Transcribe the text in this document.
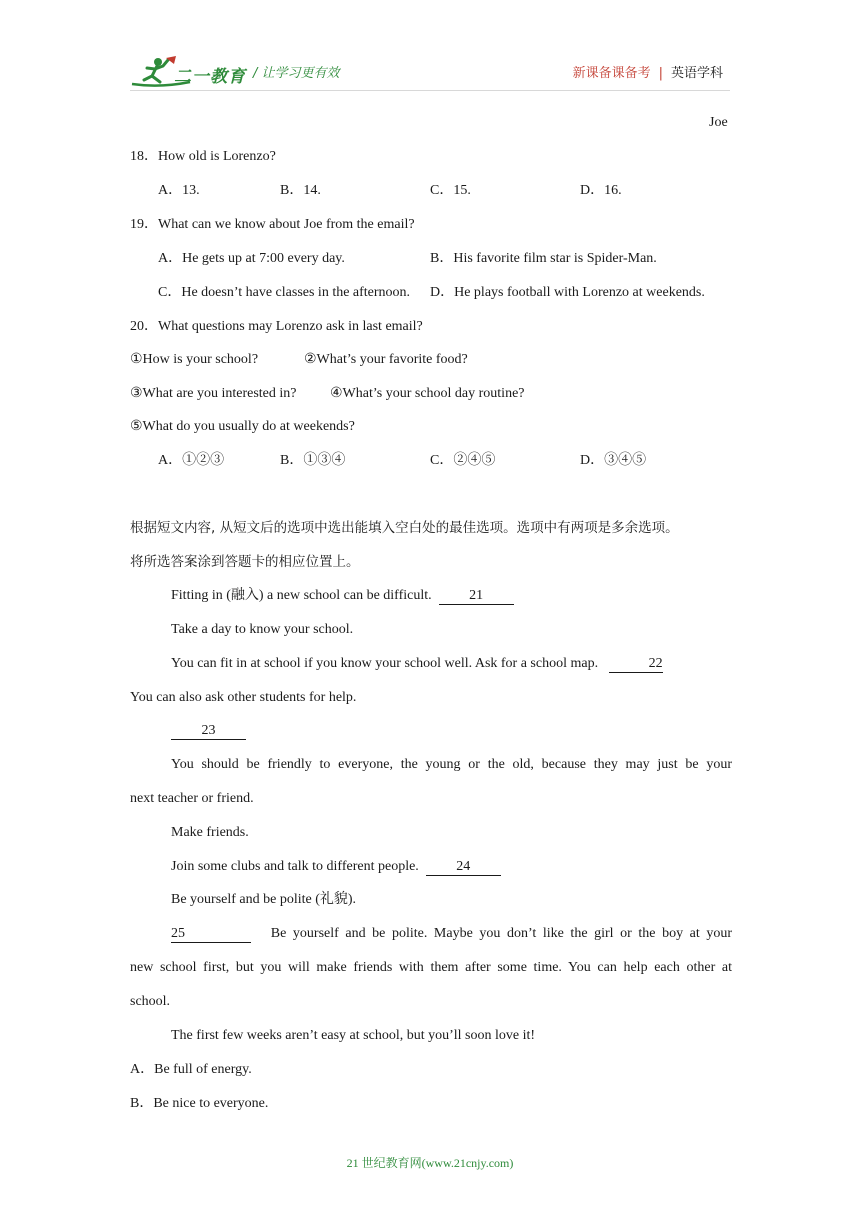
二一教育 / 让学习更有效	新课备课备考 | 英语学科
Joe
18．How old is Lorenzo?
A．13.	B．14.	C．15.	D．16.
19．What can we know about Joe from the email?
A．He gets up at 7:00 every day.	B．His favorite film star is Spider-Man.
C．He doesn’t have classes in the afternoon. D．He plays football with Lorenzo at weekends.
20．What questions may Lorenzo ask in last email?
①How is your school?	②What’s your favorite food?
③What are you interested in? ④What’s your school day routine?
⑤What do you usually do at weekends?
A．①②③	B．①③④	C．②④⑤	D．③④⑤
根据短文内容, 从短文后的选项中选出能填入空白处的最佳选项。选项中有两项是多余选项。
将所选答案涂到答题卡的相应位置上。
Fitting in (融入) a new school can be difficult.	21
Take a day to know your school.
You can fit in at school if you know your school well. Ask for a school map.	22
You can also ask other students for help.
23
You should be friendly to everyone, the young or the old, because they may just be your
next teacher or friend.
Make friends.
Join some clubs and talk to different people.	24
Be yourself and be polite (礼貌).
25	Be yourself and be polite. Maybe you don’t like the girl or the boy at your
new school first, but you will make friends with them after some time. You can help each other at
school.
The first few weeks aren’t easy at school, but you’ll soon love it!
A．Be full of energy.
B．Be nice to everyone.
21 世纪教育网(www.21cnjy.com)
